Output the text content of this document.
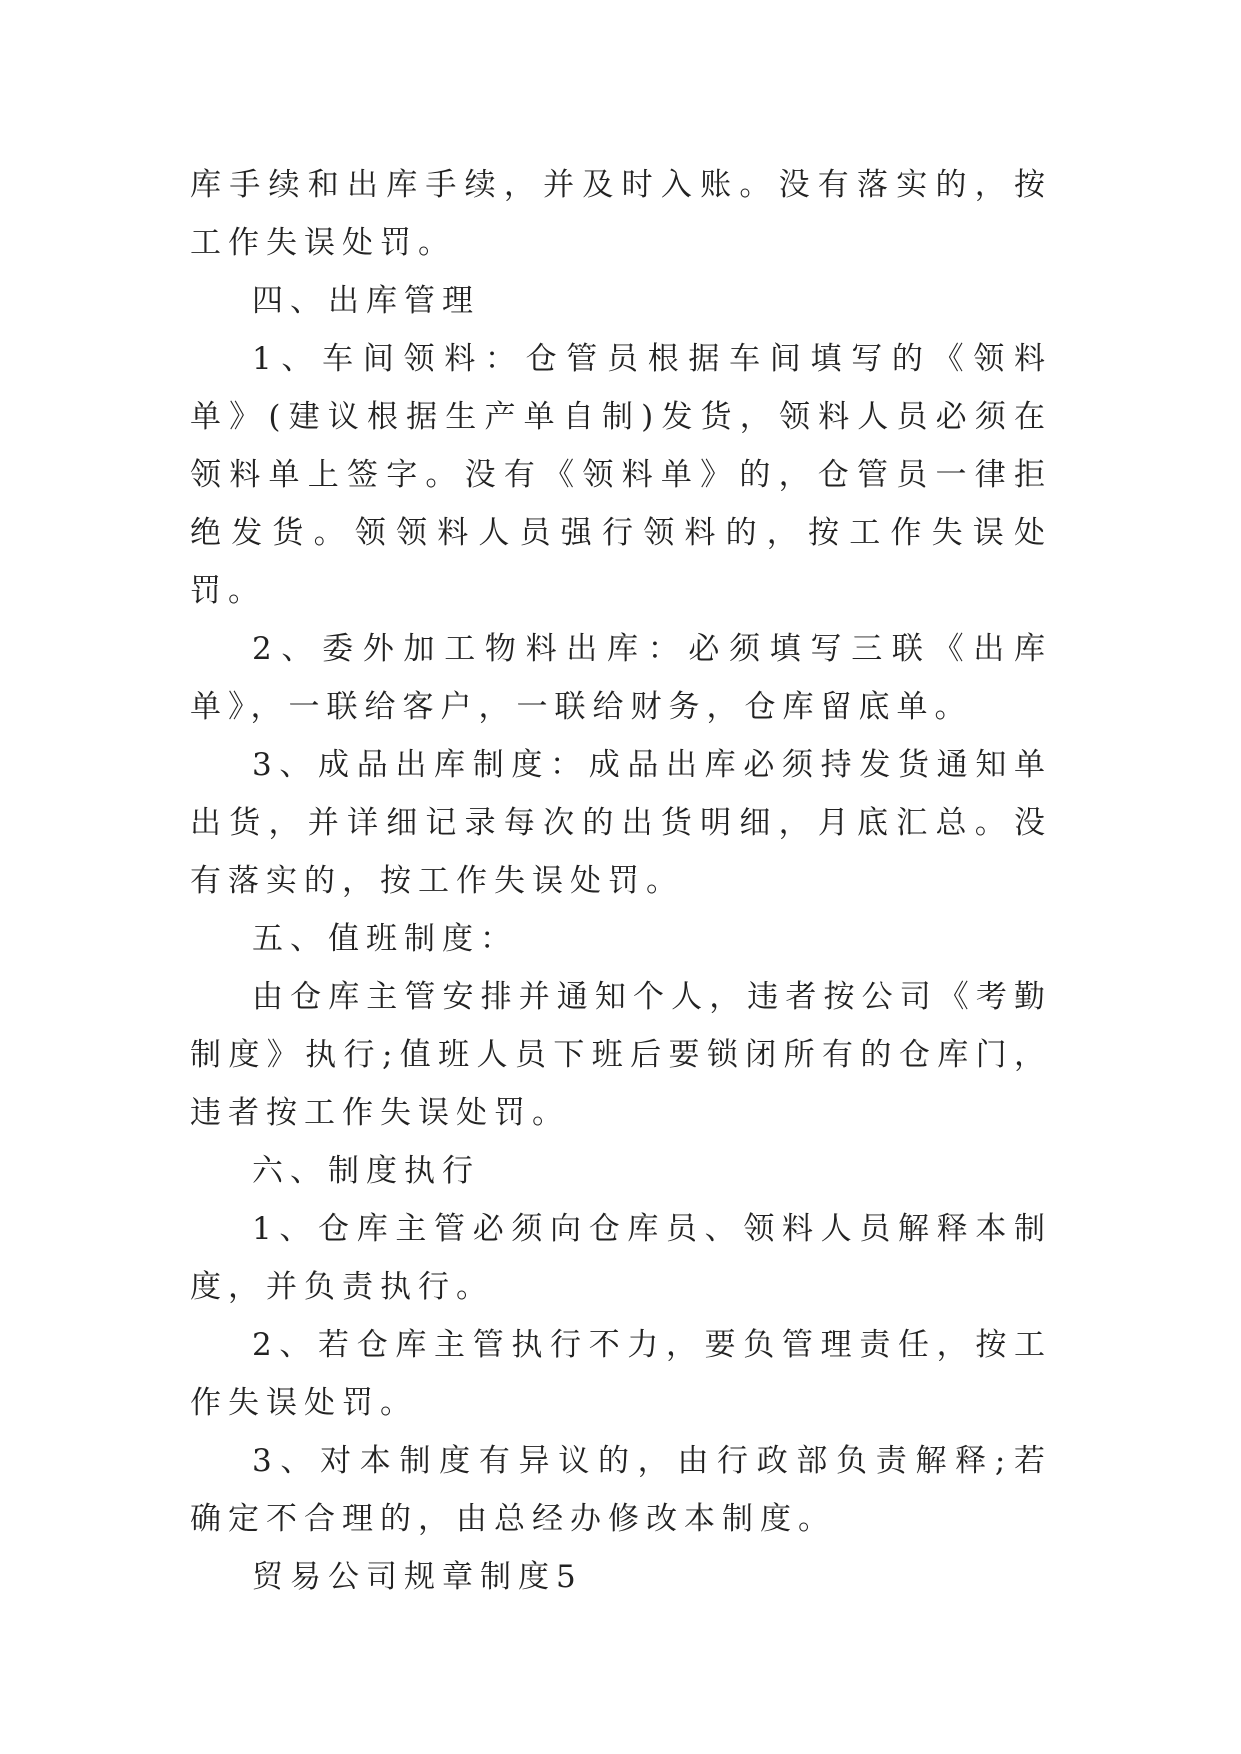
库手续和出库手续，并及时入账。没有落实的，按工作失误处罚。

四、出库管理

1、车间领料：仓管员根据车间填写的《领料单》(建议根据生产单自制)发货，领料人员必须在领料单上签字。没有《领料单》的，仓管员一律拒绝发货。领领料人员强行领料的，按工作失误处罚。

2、委外加工物料出库：必须填写三联《出库单》，一联给客户，一联给财务，仓库留底单。

3、成品出库制度：成品出库必须持发货通知单出货，并详细记录每次的出货明细，月底汇总。没有落实的，按工作失误处罚。

五、值班制度：

由仓库主管安排并通知个人，违者按公司《考勤制度》执行;值班人员下班后要锁闭所有的仓库门，违者按工作失误处罚。

六、制度执行

1、仓库主管必须向仓库员、领料人员解释本制度，并负责执行。

2、若仓库主管执行不力，要负管理责任，按工作失误处罚。

3、对本制度有异议的，由行政部负责解释;若确定不合理的，由总经办修改本制度。

贸易公司规章制度5
